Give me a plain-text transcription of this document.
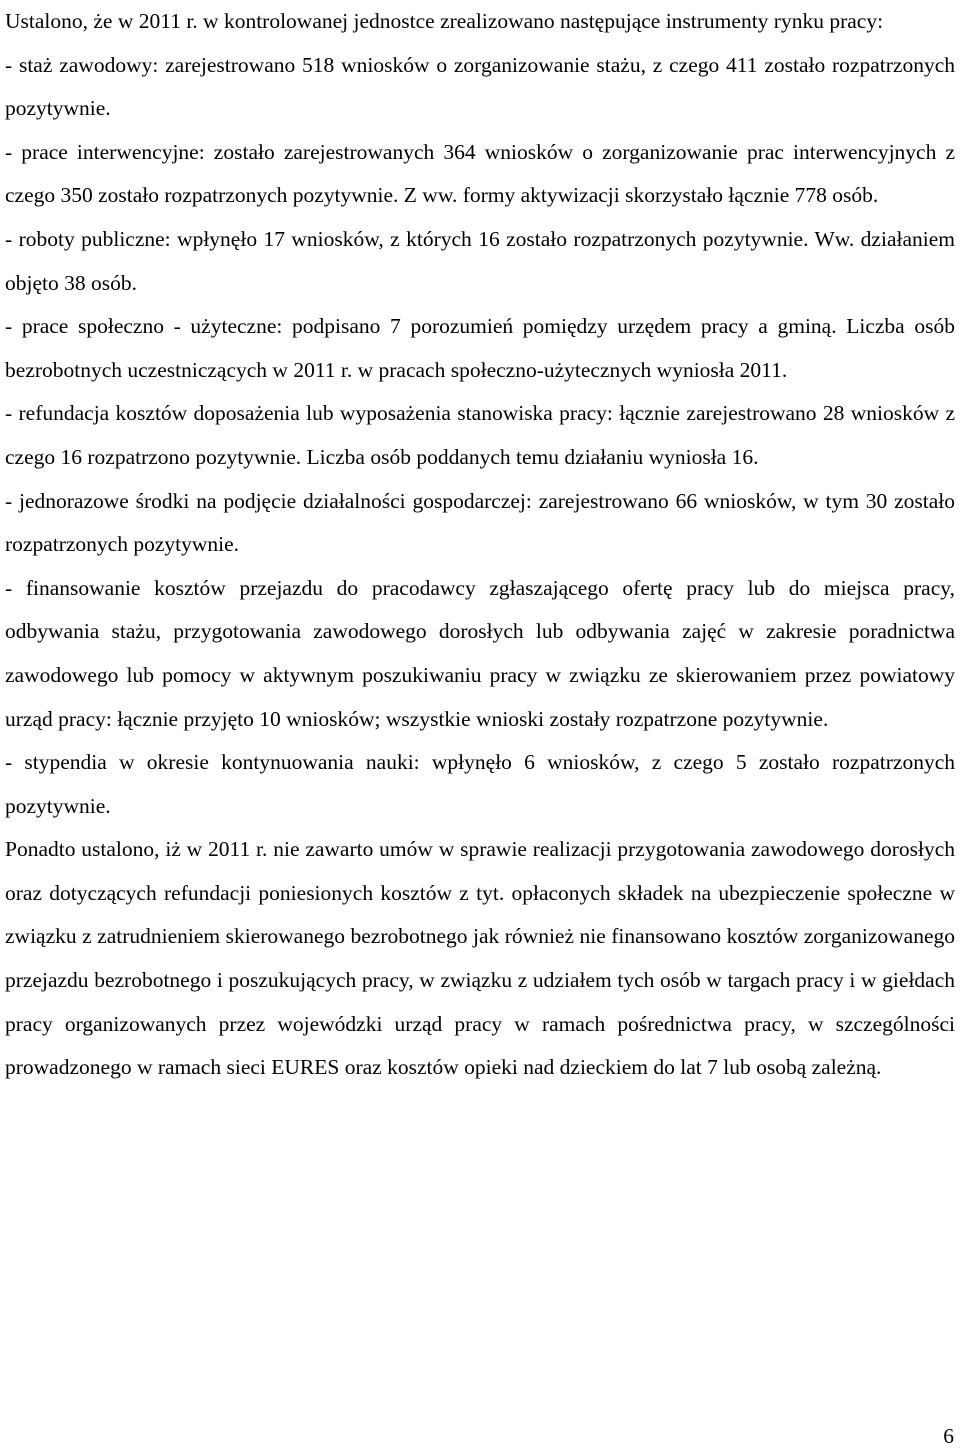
Ustalono, że w 2011 r. w kontrolowanej jednostce zrealizowano następujące instrumenty rynku pracy:

- staż zawodowy: zarejestrowano 518 wniosków o zorganizowanie stażu, z czego 411 zostało rozpatrzonych pozytywnie.

- prace interwencyjne: zostało zarejestrowanych 364 wniosków o zorganizowanie prac interwencyjnych z czego 350 zostało rozpatrzonych pozytywnie. Z ww. formy aktywizacji skorzystało łącznie 778 osób.

- roboty publiczne: wpłynęło 17 wniosków, z których 16 zostało rozpatrzonych pozytywnie. Ww. działaniem objęto 38 osób.

- prace społeczno - użyteczne: podpisano 7 porozumień pomiędzy urzędem pracy a gminą. Liczba osób bezrobotnych uczestniczących w 2011 r. w pracach społeczno-użytecznych wyniosła 2011.

- refundacja kosztów doposażenia lub wyposażenia stanowiska pracy: łącznie zarejestrowano 28 wniosków z czego 16 rozpatrzono pozytywnie. Liczba osób poddanych temu działaniu wyniosła 16.

- jednorazowe środki na podjęcie działalności gospodarczej: zarejestrowano 66 wniosków, w tym 30 zostało rozpatrzonych pozytywnie.

- finansowanie kosztów przejazdu do pracodawcy zgłaszającego ofertę pracy lub do miejsca pracy, odbywania stażu, przygotowania zawodowego dorosłych lub odbywania zajęć w zakresie poradnictwa zawodowego lub pomocy w aktywnym poszukiwaniu pracy w związku ze skierowaniem przez powiatowy urząd pracy: łącznie przyjęto 10 wniosków; wszystkie wnioski zostały rozpatrzone pozytywnie.

- stypendia w okresie kontynuowania nauki: wpłynęło 6 wniosków, z czego 5 zostało rozpatrzonych pozytywnie.

Ponadto ustalono, iż w 2011 r. nie zawarto umów w sprawie realizacji przygotowania zawodowego dorosłych oraz dotyczących refundacji poniesionych kosztów z tyt. opłaconych składek na ubezpieczenie społeczne w związku z zatrudnieniem skierowanego bezrobotnego jak również nie finansowano kosztów zorganizowanego przejazdu bezrobotnego i poszukujących pracy, w związku z udziałem tych osób w targach pracy i w giełdach pracy organizowanych przez wojewódzki urząd pracy w ramach pośrednictwa pracy, w szczególności prowadzonego w ramach sieci EURES oraz kosztów opieki nad dzieckiem do lat 7 lub osobą zależną.

6
